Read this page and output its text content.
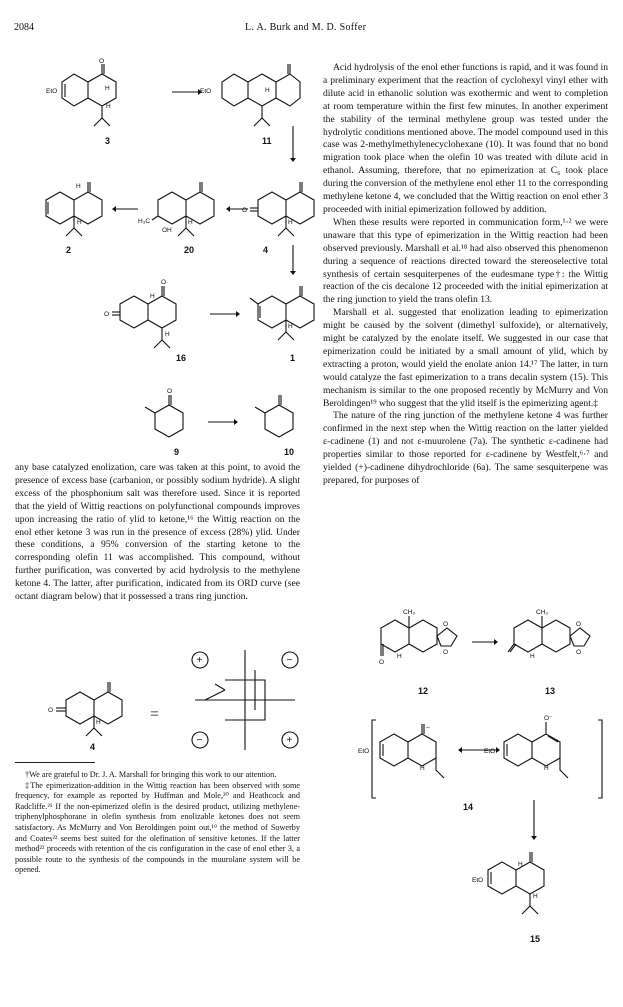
2084	L. A. Burk and M. D. Soffer
O
EtO	H
H
3
EtO	H
11
H
H
2
H₃C
OH
H
20
O
H
4
O
O
H
H
16
H
1
O
9	10

any base catalyzed enolization, care was taken at this point, to avoid the presence of excess base (carbanion, or possibly sodium hydride). A slight excess of the phosphonium salt was therefore used. Since it is reported that the yield of Wittig reactions on polyfunctional compounds improves upon increasing the ratio of ylid to ketone,¹⁶ the Wittig reaction on the enol ether ketone 3 was run in the presence of excess (28%) ylid. Under these conditions, a 95% conversion of the starting ketone to the corresponding olefin 11 was accomplished. This compound, without further purification, was converted by acid hydrolysis to the methylene ketone 4. The latter, after purification, indicated from its ORD curve (see octant diagram below) that it possessed a trans ring junction.

O
H
4
=
+	−
−	+

†We are grateful to Dr. J. A. Marshall for bringing this work to our attention.

‡The epimerization-addition in the Wittig reaction has been observed with some frequency, for example as reported by Huffman and Mole,²⁰ and Heathcock and Radcliffe.²¹ If the non-epimerized olefin is the desired product, utilizing methylene-triphenylphosphorane in olefin synthesis from enolizable ketones does not seem satisfactory. As McMurry and Von Beroldingen point out,¹⁹ the method of Sowerby and Coates²² seems best suited for the olefination of sensitive ketones. If the latter method²² proceeds with retention of the cis configuration in the case of enol ether 3, a possible route to the synthesis of the compounds in the muurolane system will be opened.

Acid hydrolysis of the enol ether functions is rapid, and it was found in a preliminary experiment that the reaction of cyclohexyl vinyl ether with dilute acid in ethanolic solution was exothermic and went to completion at room temperature within the first few minutes. In another experiment the stability of the terminal methylene group was tested under the hydrolytic conditions mentioned above. The model compound used in this case was 2-methylmethylenecyclohexane (10). It was found that no bond migration took place when the olefin 10 was treated with dilute acid in ethanol. Assuming, therefore, that no epimerization at C₆ took place during the conversion of the methylene enol ether 11 to the corresponding methylene ketone 4, we concluded that the Wittig reaction on enol ether 3 proceeded with initial epimerization followed by addition.

When these results were reported in communication form,¹·² we were unaware that this type of epimerization in the Wittig reaction had been observed previously. Marshall et al.¹⁸ had also observed this phenomenon during a sequence of reactions directed toward the stereoselective total synthesis of certain sesquiterpenes of the eudesmane type†: the Wittig reaction of the cis decalone 12 proceeded with the initial epimerization at the ring junction to yield the trans olefin 13.

Marshall et al. suggested that enolization leading to epimerization might be caused by the solvent (dimethyl sulfoxide), or alternatively, might be catalyzed by the enolate itself. We suggested in our case that epimerization could be initiated by a small amount of ylid, which by extracting a proton, would yield the enolate anion 14.¹⁷ The latter, in turn would catalyze the fast epimerization to a trans decalin system (15). This mechanism is similar to the one proposed recently by McMurry and Von Beroldingen¹⁹ who suggest that the ylid itself is the epimerizing agent.‡

The nature of the ring junction of the methylene ketone 4 was further confirmed in the next step when the Wittig reaction on the latter yielded ε-cadinene (1) and not ε-muurolene (7a). The synthetic ε-cadinene had properties similar to those reported for ε-cadinene by Westfelt,⁶·⁷ and yielded (+)-cadinene dihydrochloride (6a). The same sesquiterpene was prepared, for purposes of

CH₃
O
H
O
O
12
CH₃
H
O
O
13
EtO
−
H
EtO
O⁻
H
14
EtO
H
H
15
